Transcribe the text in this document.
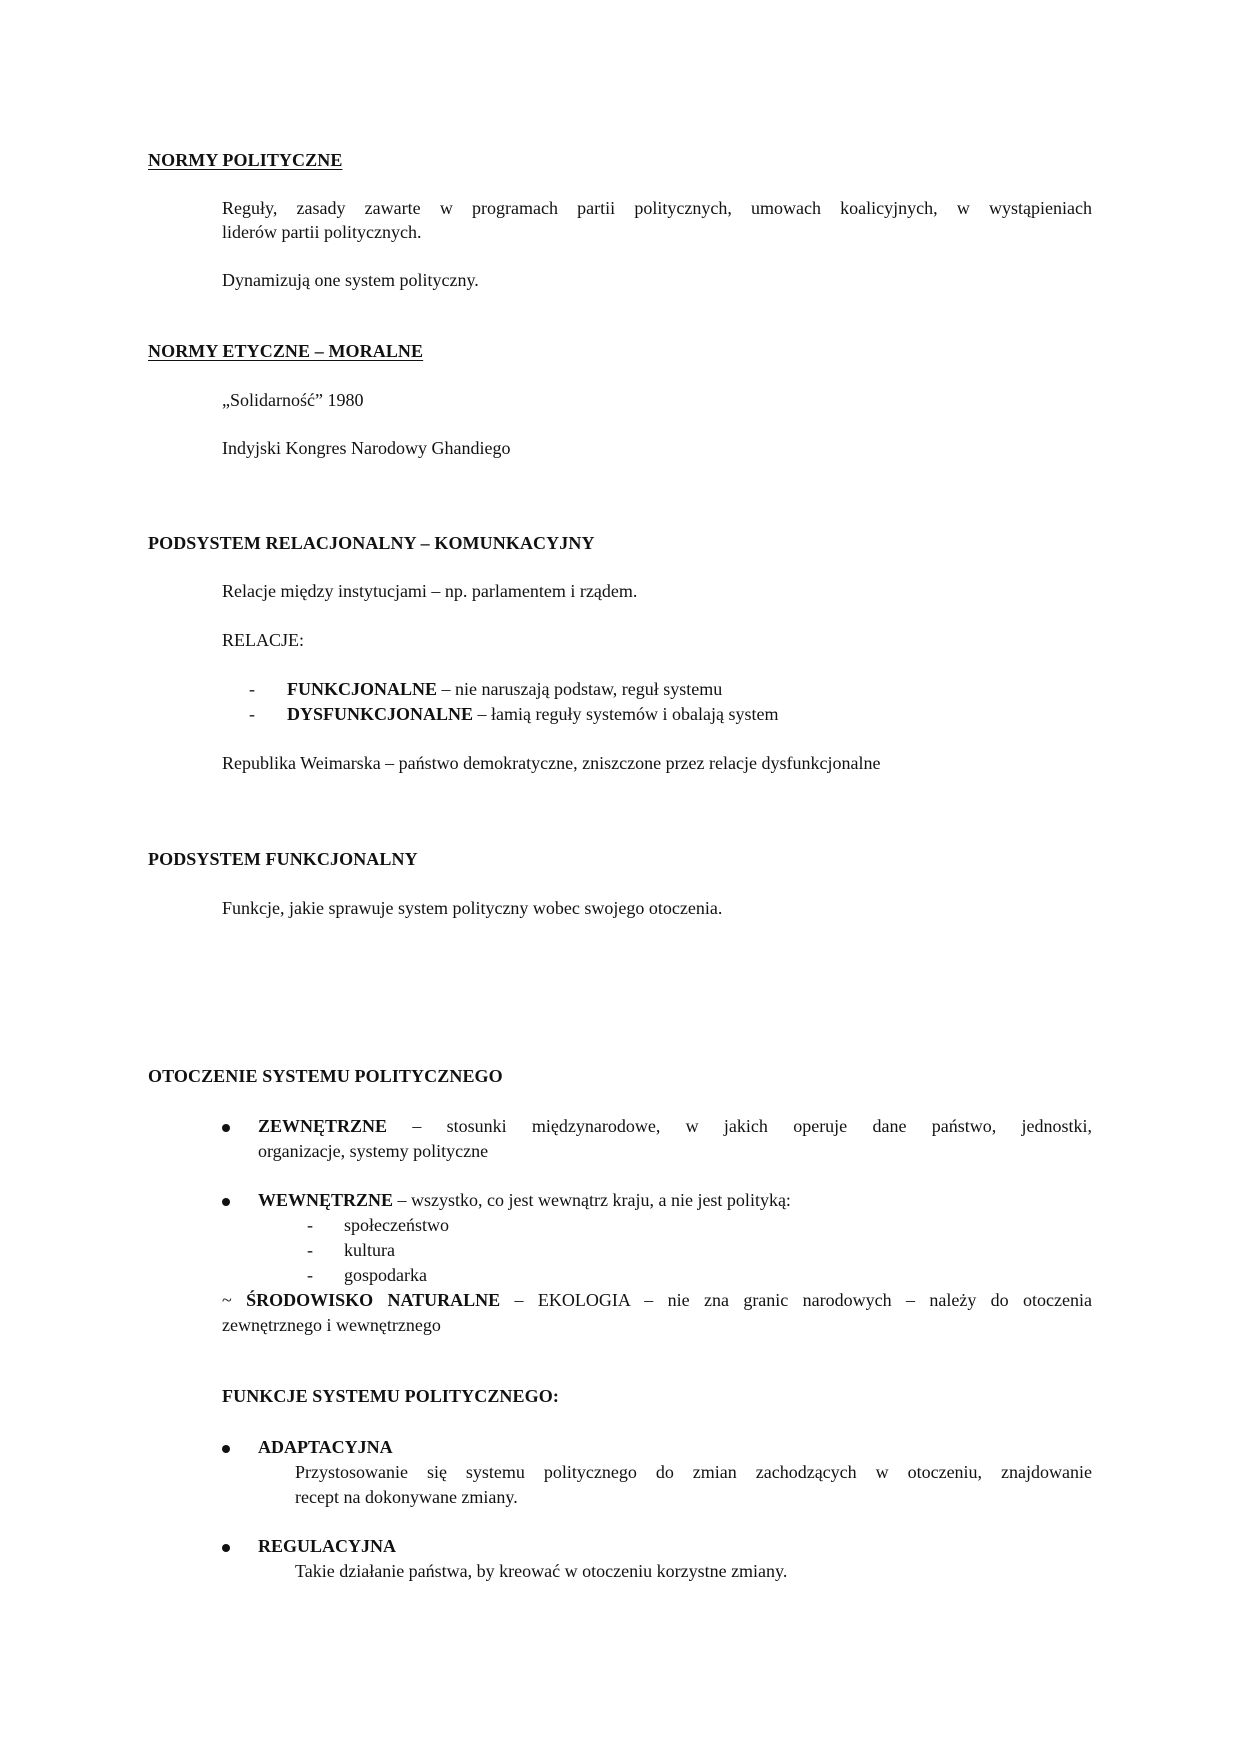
NORMY POLITYCZNE
Reguły, zasady zawarte w programach partii politycznych, umowach koalicyjnych, w wystąpieniach
liderów partii politycznych.
Dynamizują one system polityczny.
NORMY ETYCZNE – MORALNE
„Solidarność” 1980
Indyjski Kongres Narodowy Ghandiego
PODSYSTEM RELACJONALNY – KOMUNKACYJNY
Relacje między instytucjami – np. parlamentem i rządem.
RELACJE:
-	FUNKCJONALNE – nie naruszają podstaw, reguł systemu
-	DYSFUNKCJONALNE – łamią reguły systemów i obalają system
Republika Weimarska – państwo demokratyczne, zniszczone przez relacje dysfunkcjonalne
PODSYSTEM FUNKCJONALNY
Funkcje, jakie sprawuje system polityczny wobec swojego otoczenia.
OTOCZENIE SYSTEMU POLITYCZNEGO
ZEWNĘTRZNE – stosunki międzynarodowe, w jakich operuje dane państwo, jednostki,
organizacje, systemy polityczne
WEWNĘTRZNE – wszystko, co jest wewnątrz kraju, a nie jest polityką:
-	społeczeństwo
-	kultura
-	gospodarka
~ ŚRODOWISKO NATURALNE – EKOLOGIA – nie zna granic narodowych – należy do otoczenia
zewnętrznego i wewnętrznego
FUNKCJE SYSTEMU POLITYCZNEGO:
ADAPTACYJNA
Przystosowanie się systemu politycznego do zmian zachodzących w otoczeniu, znajdowanie
recept na dokonywane zmiany.
REGULACYJNA
Takie działanie państwa, by kreować w otoczeniu korzystne zmiany.
